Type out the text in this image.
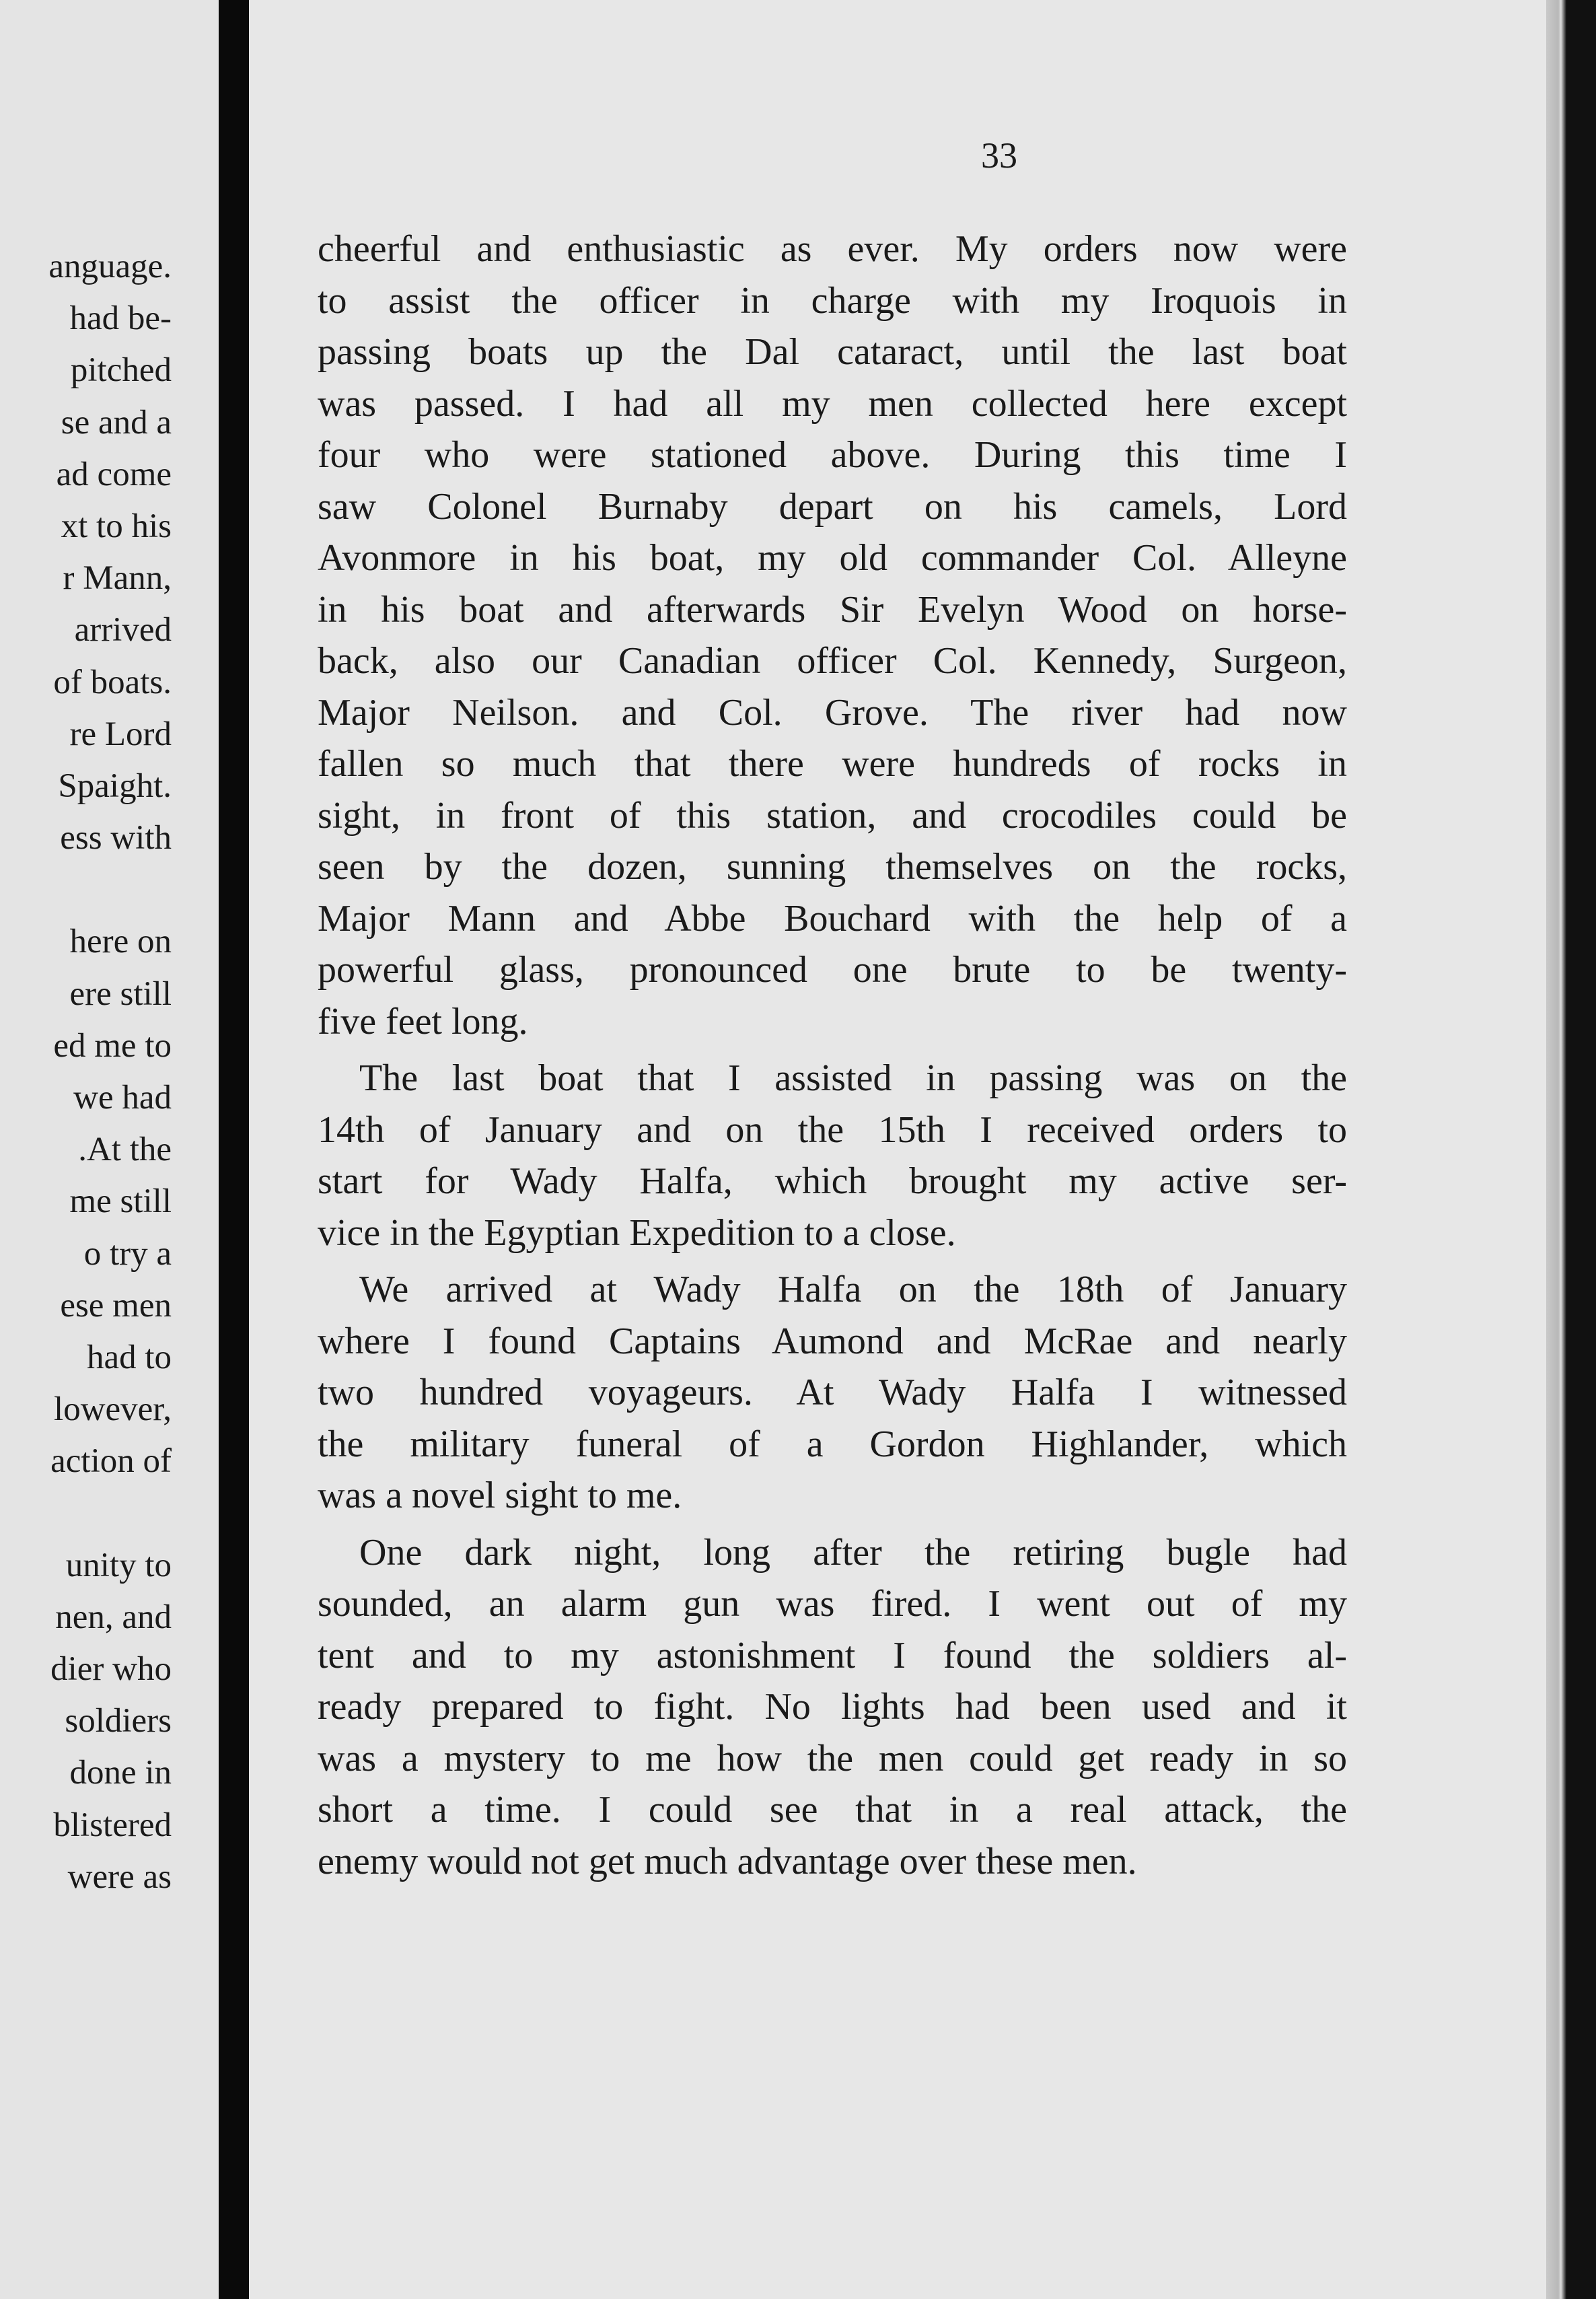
anguage.
had be-
pitched
se and a
ad come
xt to his
r Mann,
arrived
of boats.
re Lord
Spaight.
ess with
here on
ere still
ed me to
we had
.At the
me still
o try a
ese men
had to
lowever,
action of
unity to
nen, and
dier who
soldiers
done in
blistered
were as
33
cheerful and enthusiastic as ever. My orders now were
to assist the officer in charge with my Iroquois in
passing boats up the Dal cataract, until the last boat
was passed. I had all my men collected here except
four who were stationed above. During this time I
saw Colonel Burnaby depart on his camels, Lord
Avonmore in his boat, my old commander Col. Alleyne
in his boat and afterwards Sir Evelyn Wood on horse-
back, also our Canadian officer Col. Kennedy, Surgeon,
Major Neilson. and Col. Grove. The river had now
fallen so much that there were hundreds of rocks in
sight, in front of this station, and crocodiles could be
seen by the dozen, sunning themselves on the rocks,
Major Mann and Abbe Bouchard with the help of a
powerful glass, pronounced one brute to be twenty-
five feet long.
The last boat that I assisted in passing was on the
14th of January and on the 15th I received orders to
start for Wady Halfa, which brought my active ser-
vice in the Egyptian Expedition to a close.
We arrived at Wady Halfa on the 18th of January
where I found Captains Aumond and McRae and nearly
two hundred voyageurs. At Wady Halfa I witnessed
the military funeral of a Gordon Highlander, which
was a novel sight to me.
One dark night, long after the retiring bugle had
sounded, an alarm gun was fired. I went out of my
tent and to my astonishment I found the soldiers al-
ready prepared to fight. No lights had been used and it
was a mystery to me how the men could get ready in so
short a time. I could see that in a real attack, the
enemy would not get much advantage over these men.
